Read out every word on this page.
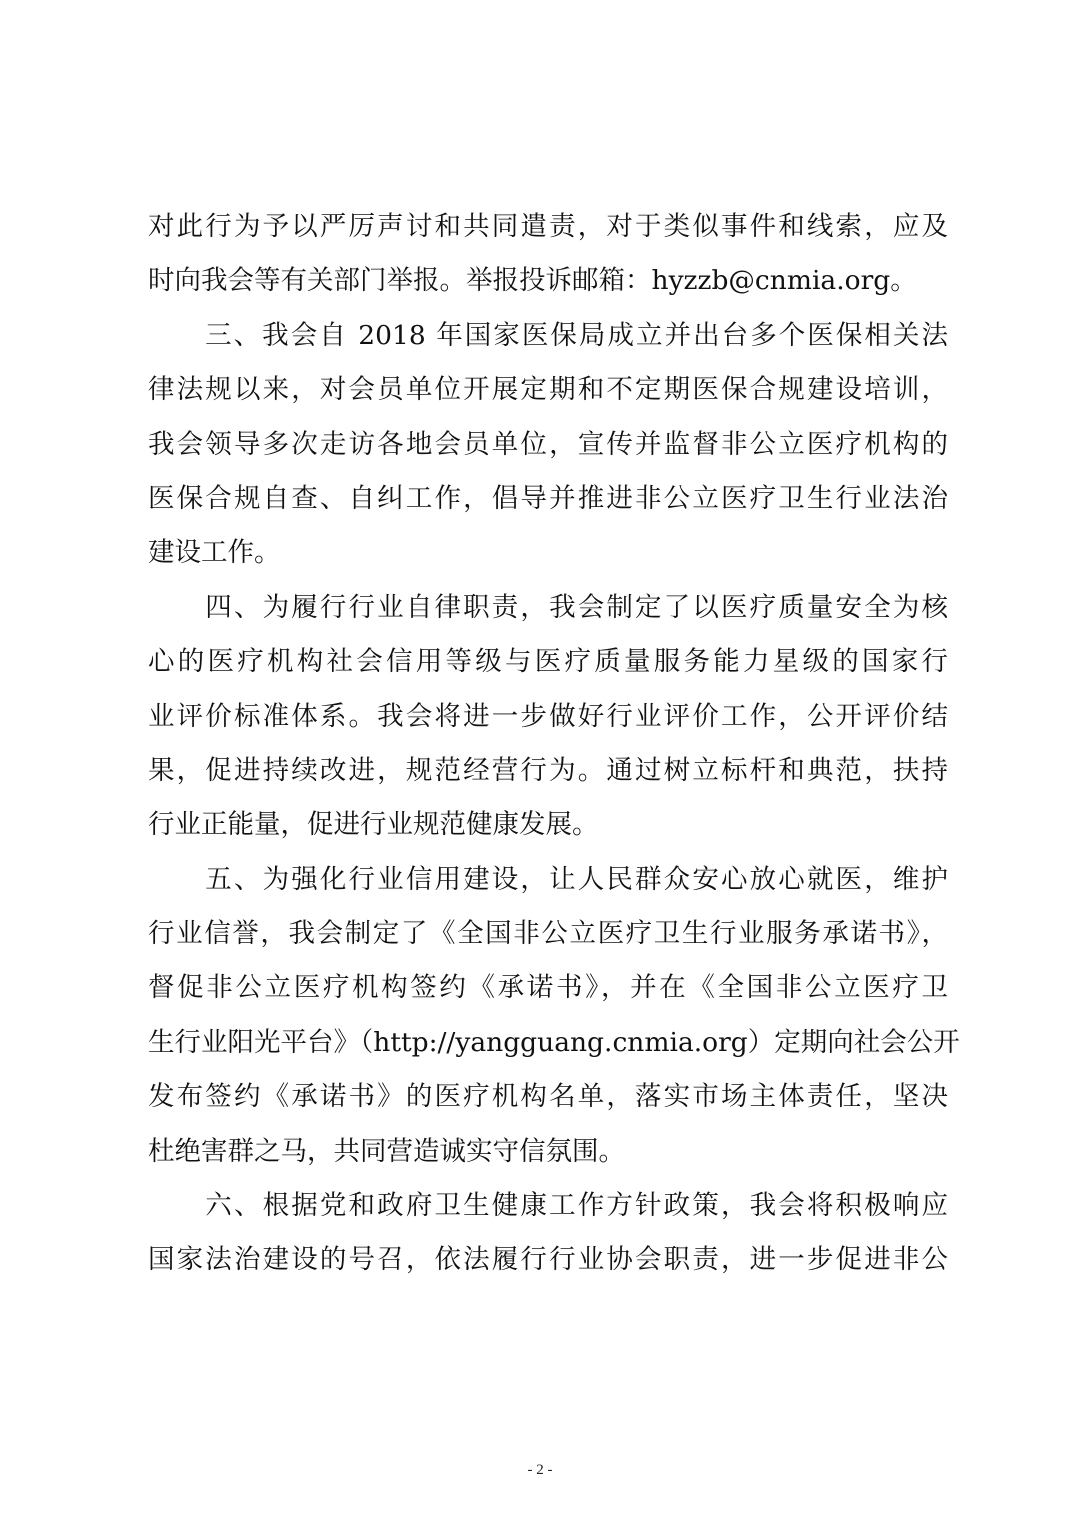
对此行为予以严厉声讨和共同遣责，对于类似事件和线索，应及
时向我会等有关部门举报。举报投诉邮箱：hyzzb@cnmia.org。
　　三、我会自 2018 年国家医保局成立并出台多个医保相关法
律法规以来，对会员单位开展定期和不定期医保合规建设培训，
我会领导多次走访各地会员单位，宣传并监督非公立医疗机构的
医保合规自查、自纠工作，倡导并推进非公立医疗卫生行业法治
建设工作。
　　四、为履行行业自律职责，我会制定了以医疗质量安全为核
心的医疗机构社会信用等级与医疗质量服务能力星级的国家行
业评价标准体系。我会将进一步做好行业评价工作，公开评价结
果，促进持续改进，规范经营行为。通过树立标杆和典范，扶持
行业正能量，促进行业规范健康发展。
　　五、为强化行业信用建设，让人民群众安心放心就医，维护
行业信誉，我会制定了《全国非公立医疗卫生行业服务承诺书》，
督促非公立医疗机构签约《承诺书》，并在《全国非公立医疗卫
生行业阳光平台》（http://yangguang.cnmia.org）定期向社会公开
发布签约《承诺书》的医疗机构名单，落实市场主体责任，坚决
杜绝害群之马，共同营造诚实守信氛围。
　　六、根据党和政府卫生健康工作方针政策，我会将积极响应
国家法治建设的号召，依法履行行业协会职责，进一步促进非公
- 2 -
